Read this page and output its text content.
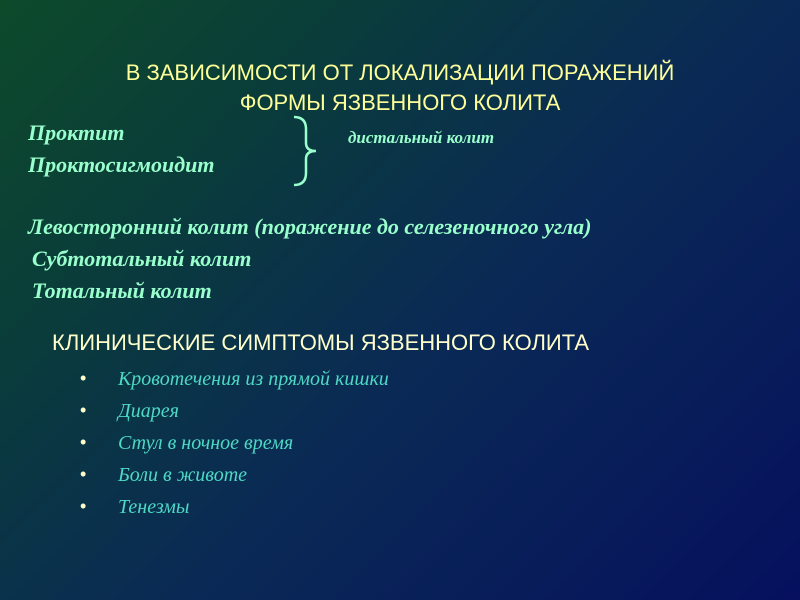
В ЗАВИСИМОСТИ ОТ ЛОКАЛИЗАЦИИ ПОРАЖЕНИЙ
ФОРМЫ ЯЗВЕННОГО КОЛИТА
Проктит
Проктосигмоидит
дистальный колит
Левосторонний колит (поражение до селезеночного угла)
Субтотальный колит
Тотальный колит
КЛИНИЧЕСКИЕ СИМПТОМЫ ЯЗВЕННОГО КОЛИТА
• Кровотечения из прямой кишки
• Диарея
• Стул в ночное время
• Боли в животе
• Тенезмы
